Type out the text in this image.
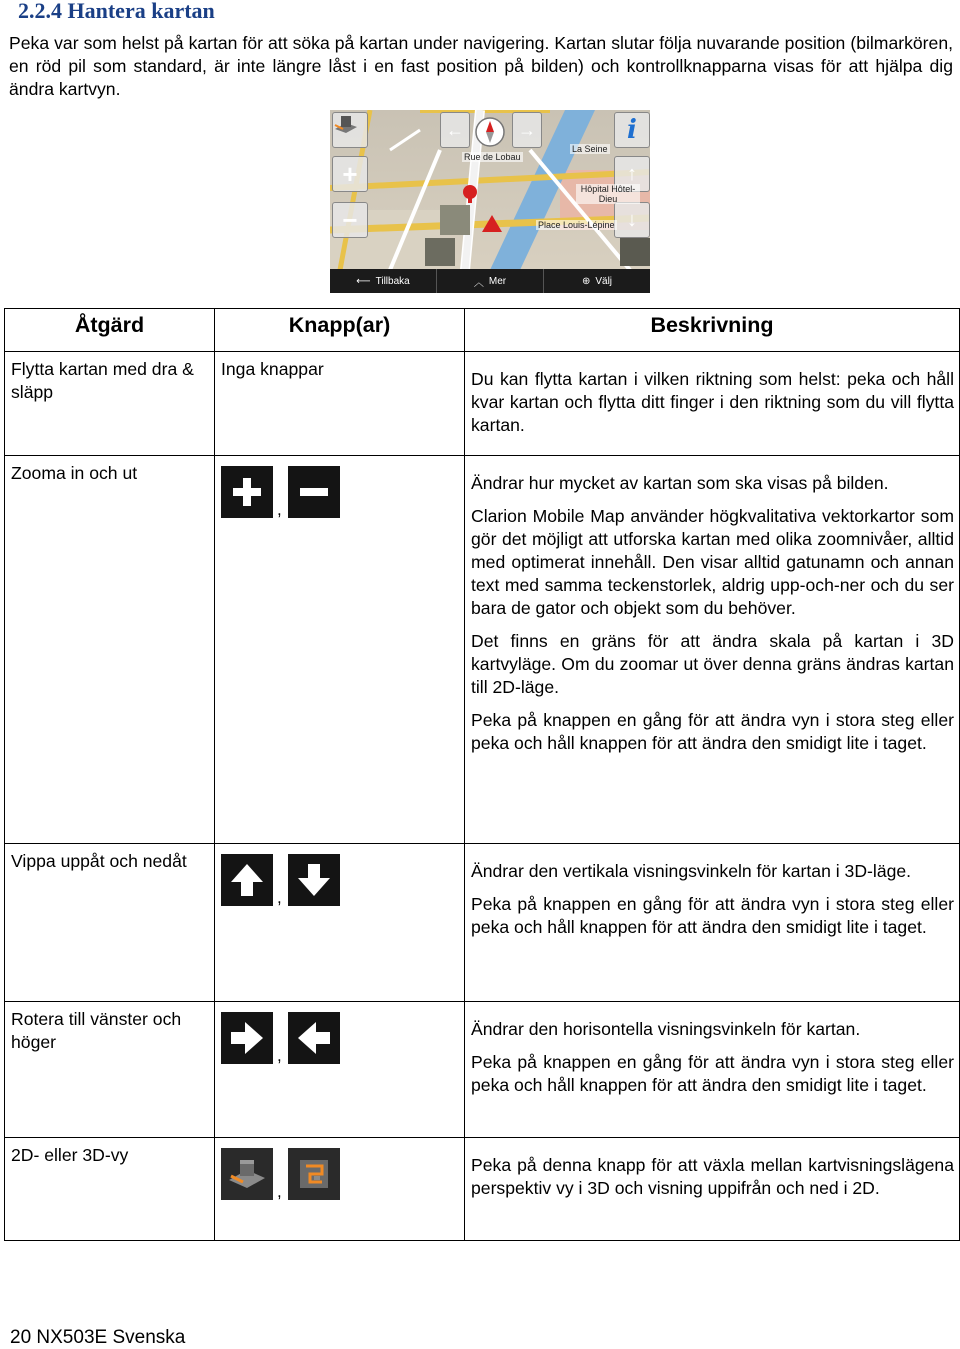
2.2.4 Hantera kartan

Peka var som helst på kartan för att söka på kartan under navigering. Kartan slutar följa nuvarande position (bilmarkören, en röd pil som standard, är inte längre låst i en fast position på bilden) och kontrollknapparna visas för att hjälpa dig ändra kartvyn.

i
+
−
↑
↓
←	→
Rue de Lobau
La Seine
Hôpital Hôtel-Dieu
Place Louis-Lépine
⟵ Tillbaka	︿ Mer	⊕ Välj
Åtgärd	Knapp(ar)	Beskrivning

Flytta kartan med dra & släpp	Inga knappar	Du kan flytta kartan i vilken riktning som helst: peka och håll kvar kartan och flytta ditt finger i den riktning som du vill flytta kartan.

Zooma in och ut	,	Ändrar hur mycket av kartan som ska visas på bilden.

Clarion Mobile Map använder högkvalitativa vektorkartor som gör det möjligt att utforska kartan med olika zoomnivåer, alltid med optimerat innehåll. Den visar alltid gatunamn och annan text med samma teckenstorlek, aldrig upp-och-ner och du ser bara de gator och objekt som du behöver.

Det finns en gräns för att ändra skala på kartan i 3D kartvyläge. Om du zoomar ut över denna gräns ändras kartan till 2D-läge.

Peka på knappen en gång för att ändra vyn i stora steg eller peka och håll knappen för att ändra den smidigt lite i taget.

Vippa uppåt och nedåt	,	Ändrar den vertikala visningsvinkeln för kartan i 3D-läge.

Peka på knappen en gång för att ändra vyn i stora steg eller peka och håll knappen för att ändra den smidigt lite i taget.

Rotera till vänster och höger	,	Ändrar den horisontella visningsvinkeln för kartan.

Peka på knappen en gång för att ändra vyn i stora steg eller peka och håll knappen för att ändra den smidigt lite i taget.

2D- eller 3D-vy	,	Peka på denna knapp för att växla mellan kartvisningslägena perspektiv vy i 3D och visning uppifrån och ned i 2D.

20 NX503E Svenska
